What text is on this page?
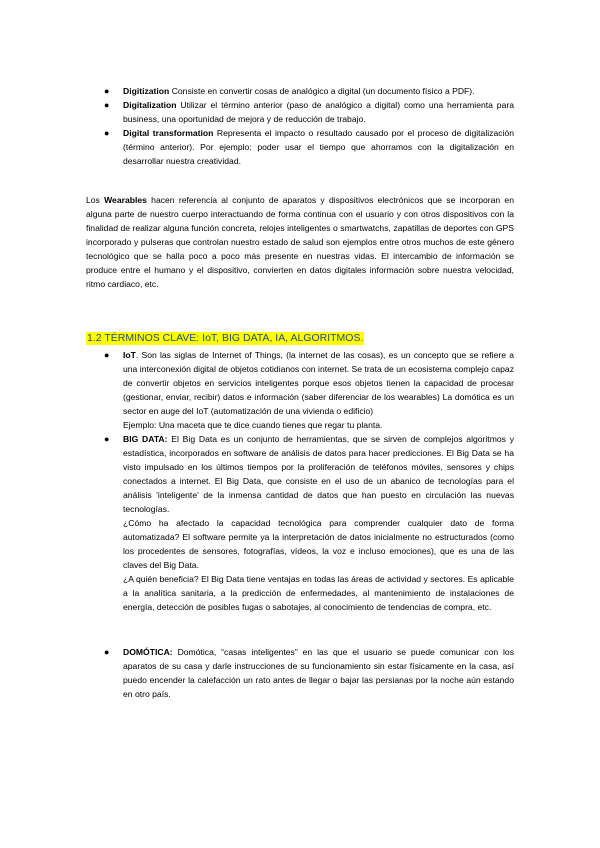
● Digitization Consiste en convertir cosas de analógico a digital (un documento físico a PDF).
● Digitalization Utilizar el término anterior (paso de analógico a digital) como una herramienta para business, una oportunidad de mejora y de reducción de trabajo.
● Digital transformation Representa el impacto o resultado causado por el proceso de digitalización (término anterior). Por ejemplo: poder usar el tiempo que ahorramos con la digitalización en desarrollar nuestra creatividad.

Los Wearables hacen referencia al conjunto de aparatos y dispositivos electrónicos que se incorporan en alguna parte de nuestro cuerpo interactuando de forma continua con el usuario y con otros dispositivos con la finalidad de realizar alguna función concreta, relojes inteligentes o smartwatchs, zapatillas de deportes con GPS incorporado y pulseras que controlan nuestro estado de salud son ejemplos entre otros muchos de este género tecnológico que se halla poco a poco más presente en nuestras vidas. El intercambio de información se produce entre el humano y el dispositivo, convierten en datos digitales información sobre nuestra velocidad, ritmo cardiaco, etc.

1.2 TÉRMINOS CLAVE: IoT, BIG DATA, IA, ALGORITMOS.
● IoT. Son las siglas de Internet of Things, (la internet de las cosas), es un concepto que se refiere a una interconexión digital de objetos cotidianos con internet. Se trata de un ecosistema complejo capaz de convertir objetos en servicios inteligentes porque esos objetos tienen la capacidad de procesar (gestionar, enviar, recibir) datos e información (saber diferenciar de los wearables) La domótica es un sector en auge del IoT (automatización de una vivienda o edificio)
Ejemplo: Una maceta que te dice cuando tienes que regar tu planta.
● BIG DATA: El Big Data es un conjunto de herramientas, que se sirven de complejos algoritmos y estadística, incorporados en software de análisis de datos para hacer predicciones. El Big Data se ha visto impulsado en los últimos tiempos por la proliferación de teléfonos móviles, sensores y chips conectados a internet. El Big Data, que consiste en el uso de un abanico de tecnologías para el análisis 'inteligente' de la inmensa cantidad de datos que han puesto en circulación las nuevas tecnologías.
¿Cómo ha afectado la capacidad tecnológica para comprender cualquier dato de forma automatizada? El software permite ya la interpretación de datos inicialmente no estructurados (como los procedentes de sensores, fotografías, vídeos, la voz e incluso emociones), que es una de las claves del Big Data.
¿A quién beneficia? El Big Data tiene ventajas en todas las áreas de actividad y sectores. Es aplicable a la analítica sanitaria, a la predicción de enfermedades, al mantenimiento de instalaciones de energía, detección de posibles fugas o sabotajes, al conocimiento de tendencias de compra, etc.
● DOMÓTICA: Domótica, “casas inteligentes” en las que el usuario se puede comunicar con los aparatos de su casa y darle instrucciones de su funcionamiento sin estar físicamente en la casa, así puedo encender la calefacción un rato antes de llegar o bajar las persianas por la noche aún estando en otro país.
